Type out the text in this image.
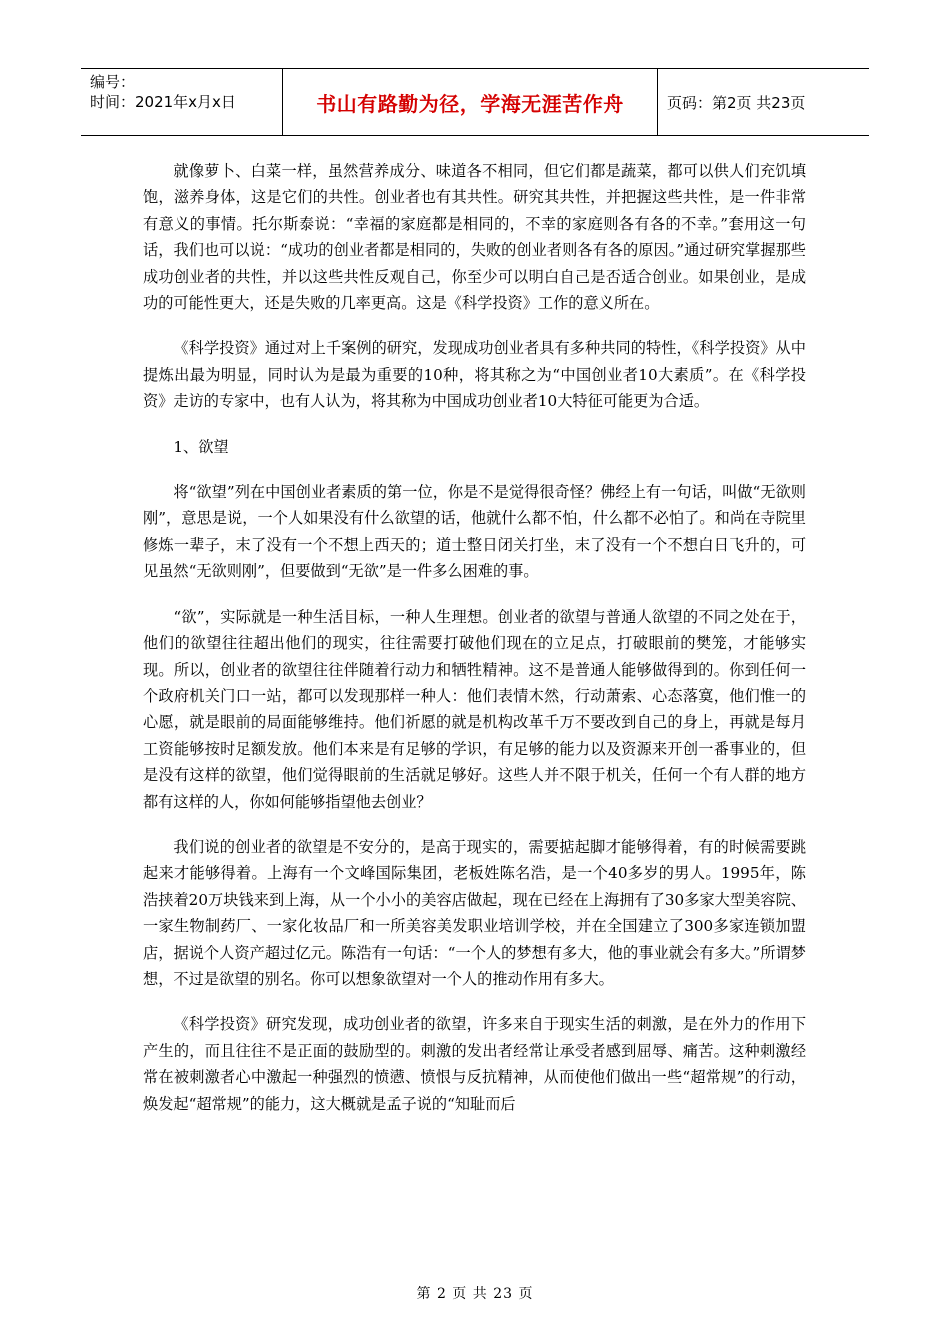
编号：
时间：2021年x月x日	书山有路勤为径，学海无涯苦作舟	页码：第2页 共23页

就像萝卜、白菜一样，虽然营养成分、味道各不相同，但它们都是蔬菜，都可以供人们充饥填饱，滋养身体，这是它们的共性。创业者也有其共性。研究其共性，并把握这些共性，是一件非常有意义的事情。托尔斯泰说：“幸福的家庭都是相同的，不幸的家庭则各有各的不幸。”套用这一句话，我们也可以说：“成功的创业者都是相同的，失败的创业者则各有各的原因。”通过研究掌握那些成功创业者的共性，并以这些共性反观自己，你至少可以明白自己是否适合创业。如果创业，是成功的可能性更大，还是失败的几率更高。这是《科学投资》工作的意义所在。

《科学投资》通过对上千案例的研究，发现成功创业者具有多种共同的特性，《科学投资》从中提炼出最为明显，同时认为是最为重要的10种，将其称之为“中国创业者10大素质”。在《科学投资》走访的专家中，也有人认为，将其称为中国成功创业者10大特征可能更为合适。

1、欲望

将“欲望”列在中国创业者素质的第一位，你是不是觉得很奇怪？佛经上有一句话，叫做“无欲则刚”，意思是说，一个人如果没有什么欲望的话，他就什么都不怕，什么都不必怕了。和尚在寺院里修炼一辈子，末了没有一个不想上西天的；道士整日闭关打坐，末了没有一个不想白日飞升的，可见虽然“无欲则刚”，但要做到“无欲”是一件多么困难的事。

“欲”，实际就是一种生活目标，一种人生理想。创业者的欲望与普通人欲望的不同之处在于，他们的欲望往往超出他们的现实，往往需要打破他们现在的立足点，打破眼前的樊笼，才能够实现。所以，创业者的欲望往往伴随着行动力和牺牲精神。这不是普通人能够做得到的。你到任何一个政府机关门口一站，都可以发现那样一种人：他们表情木然，行动萧索、心态落寞，他们惟一的心愿，就是眼前的局面能够维持。他们祈愿的就是机构改革千万不要改到自己的身上，再就是每月工资能够按时足额发放。他们本来是有足够的学识，有足够的能力以及资源来开创一番事业的，但是没有这样的欲望，他们觉得眼前的生活就足够好。这些人并不限于机关，任何一个有人群的地方都有这样的人，你如何能够指望他去创业？

我们说的创业者的欲望是不安分的，是高于现实的，需要掂起脚才能够得着，有的时候需要跳起来才能够得着。上海有一个文峰国际集团，老板姓陈名浩，是一个40多岁的男人。1995年，陈浩挟着20万块钱来到上海，从一个小小的美容店做起，现在已经在上海拥有了30多家大型美容院、一家生物制药厂、一家化妆品厂和一所美容美发职业培训学校，并在全国建立了300多家连锁加盟店，据说个人资产超过亿元。陈浩有一句话：“一个人的梦想有多大，他的事业就会有多大。”所谓梦想，不过是欲望的别名。你可以想象欲望对一个人的推动作用有多大。

《科学投资》研究发现，成功创业者的欲望，许多来自于现实生活的刺激，是在外力的作用下产生的，而且往往不是正面的鼓励型的。刺激的发出者经常让承受者感到屈辱、痛苦。这种刺激经常在被刺激者心中激起一种强烈的愤懑、愤恨与反抗精神，从而使他们做出一些“超常规”的行动，焕发起“超常规”的能力，这大概就是孟子说的“知耻而后

第 2 页 共 23 页
